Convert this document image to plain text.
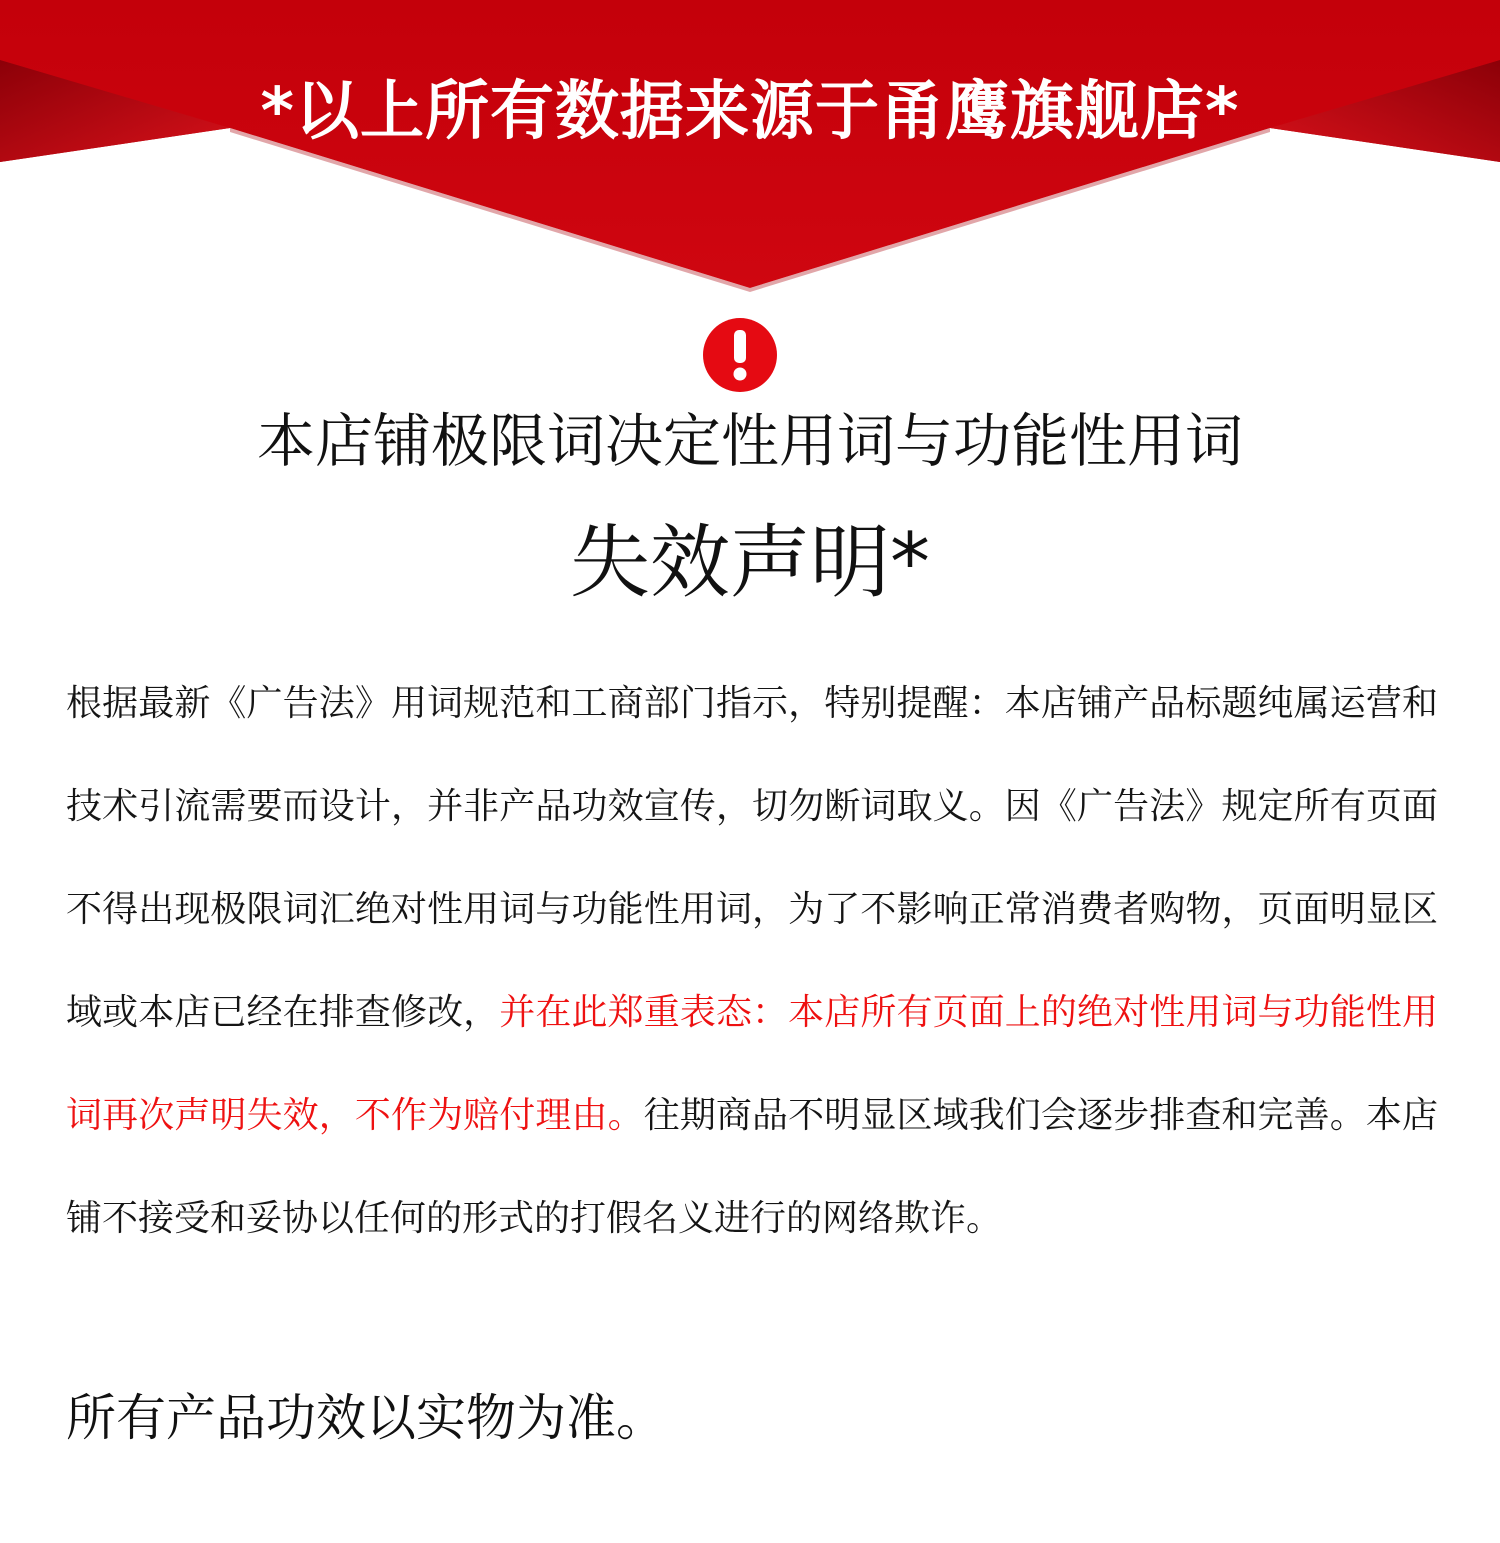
*以上所有数据来源于甬鹰旗舰店*
本店铺极限词决定性用词与功能性用词
失效声明*
根据最新《广告法》用词规范和工商部门指示，特别提醒：本店铺产品标题纯属运营和技术引流需要而设计，并非产品功效宣传，切勿断词取义。因《广告法》规定所有页面不得出现极限词汇绝对性用词与功能性用词，为了不影响正常消费者购物，页面明显区域或本店已经在排查修改，并在此郑重表态：本店所有页面上的绝对性用词与功能性用词再次声明失效，不作为赔付理由。往期商品不明显区域我们会逐步排查和完善。本店铺不接受和妥协以任何的形式的打假名义进行的网络欺诈。
所有产品功效以实物为准。
